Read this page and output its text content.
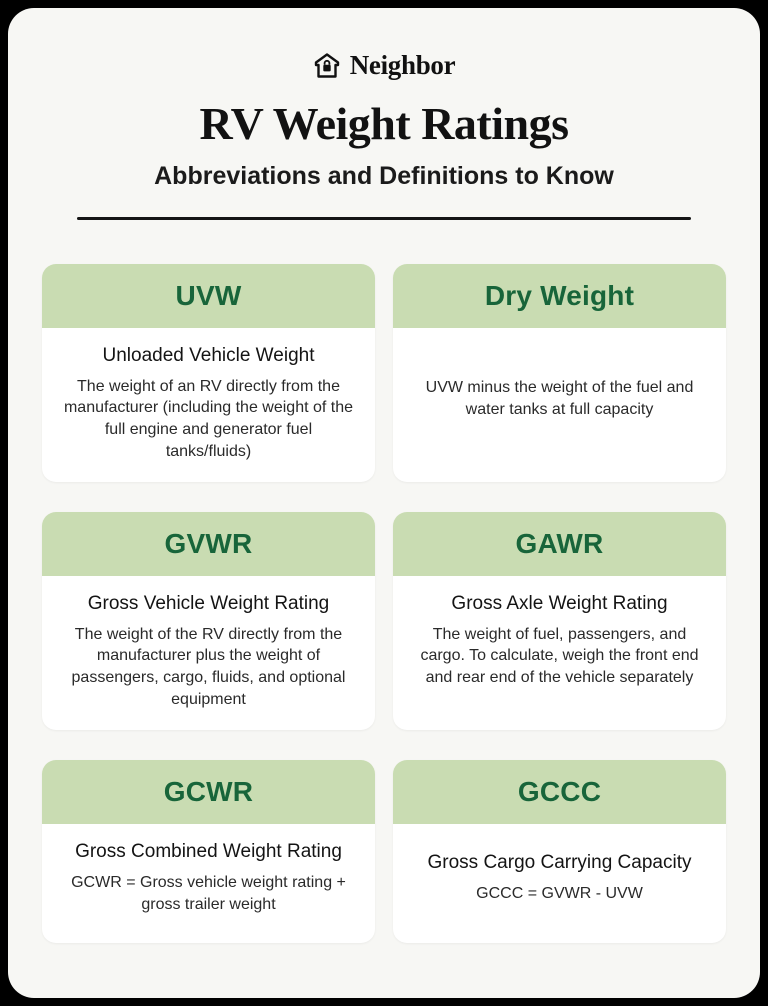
Neighbor
RV Weight Ratings
Abbreviations and Definitions to Know
UVW
Unloaded Vehicle Weight
The weight of an RV directly from the manufacturer (including the weight of the full engine and generator fuel tanks/fluids)
Dry Weight
UVW minus the weight of the fuel and water tanks at full capacity
GVWR
Gross Vehicle Weight Rating
The weight of the RV directly from the manufacturer plus the weight of passengers, cargo, fluids, and optional equipment
GAWR
Gross Axle Weight Rating
The weight of fuel, passengers, and cargo. To calculate, weigh the front end and rear end of the vehicle separately
GCWR
Gross Combined Weight Rating
GCWR = Gross vehicle weight rating + gross trailer weight
GCCC
Gross Cargo Carrying Capacity
GCCC = GVWR - UVW
